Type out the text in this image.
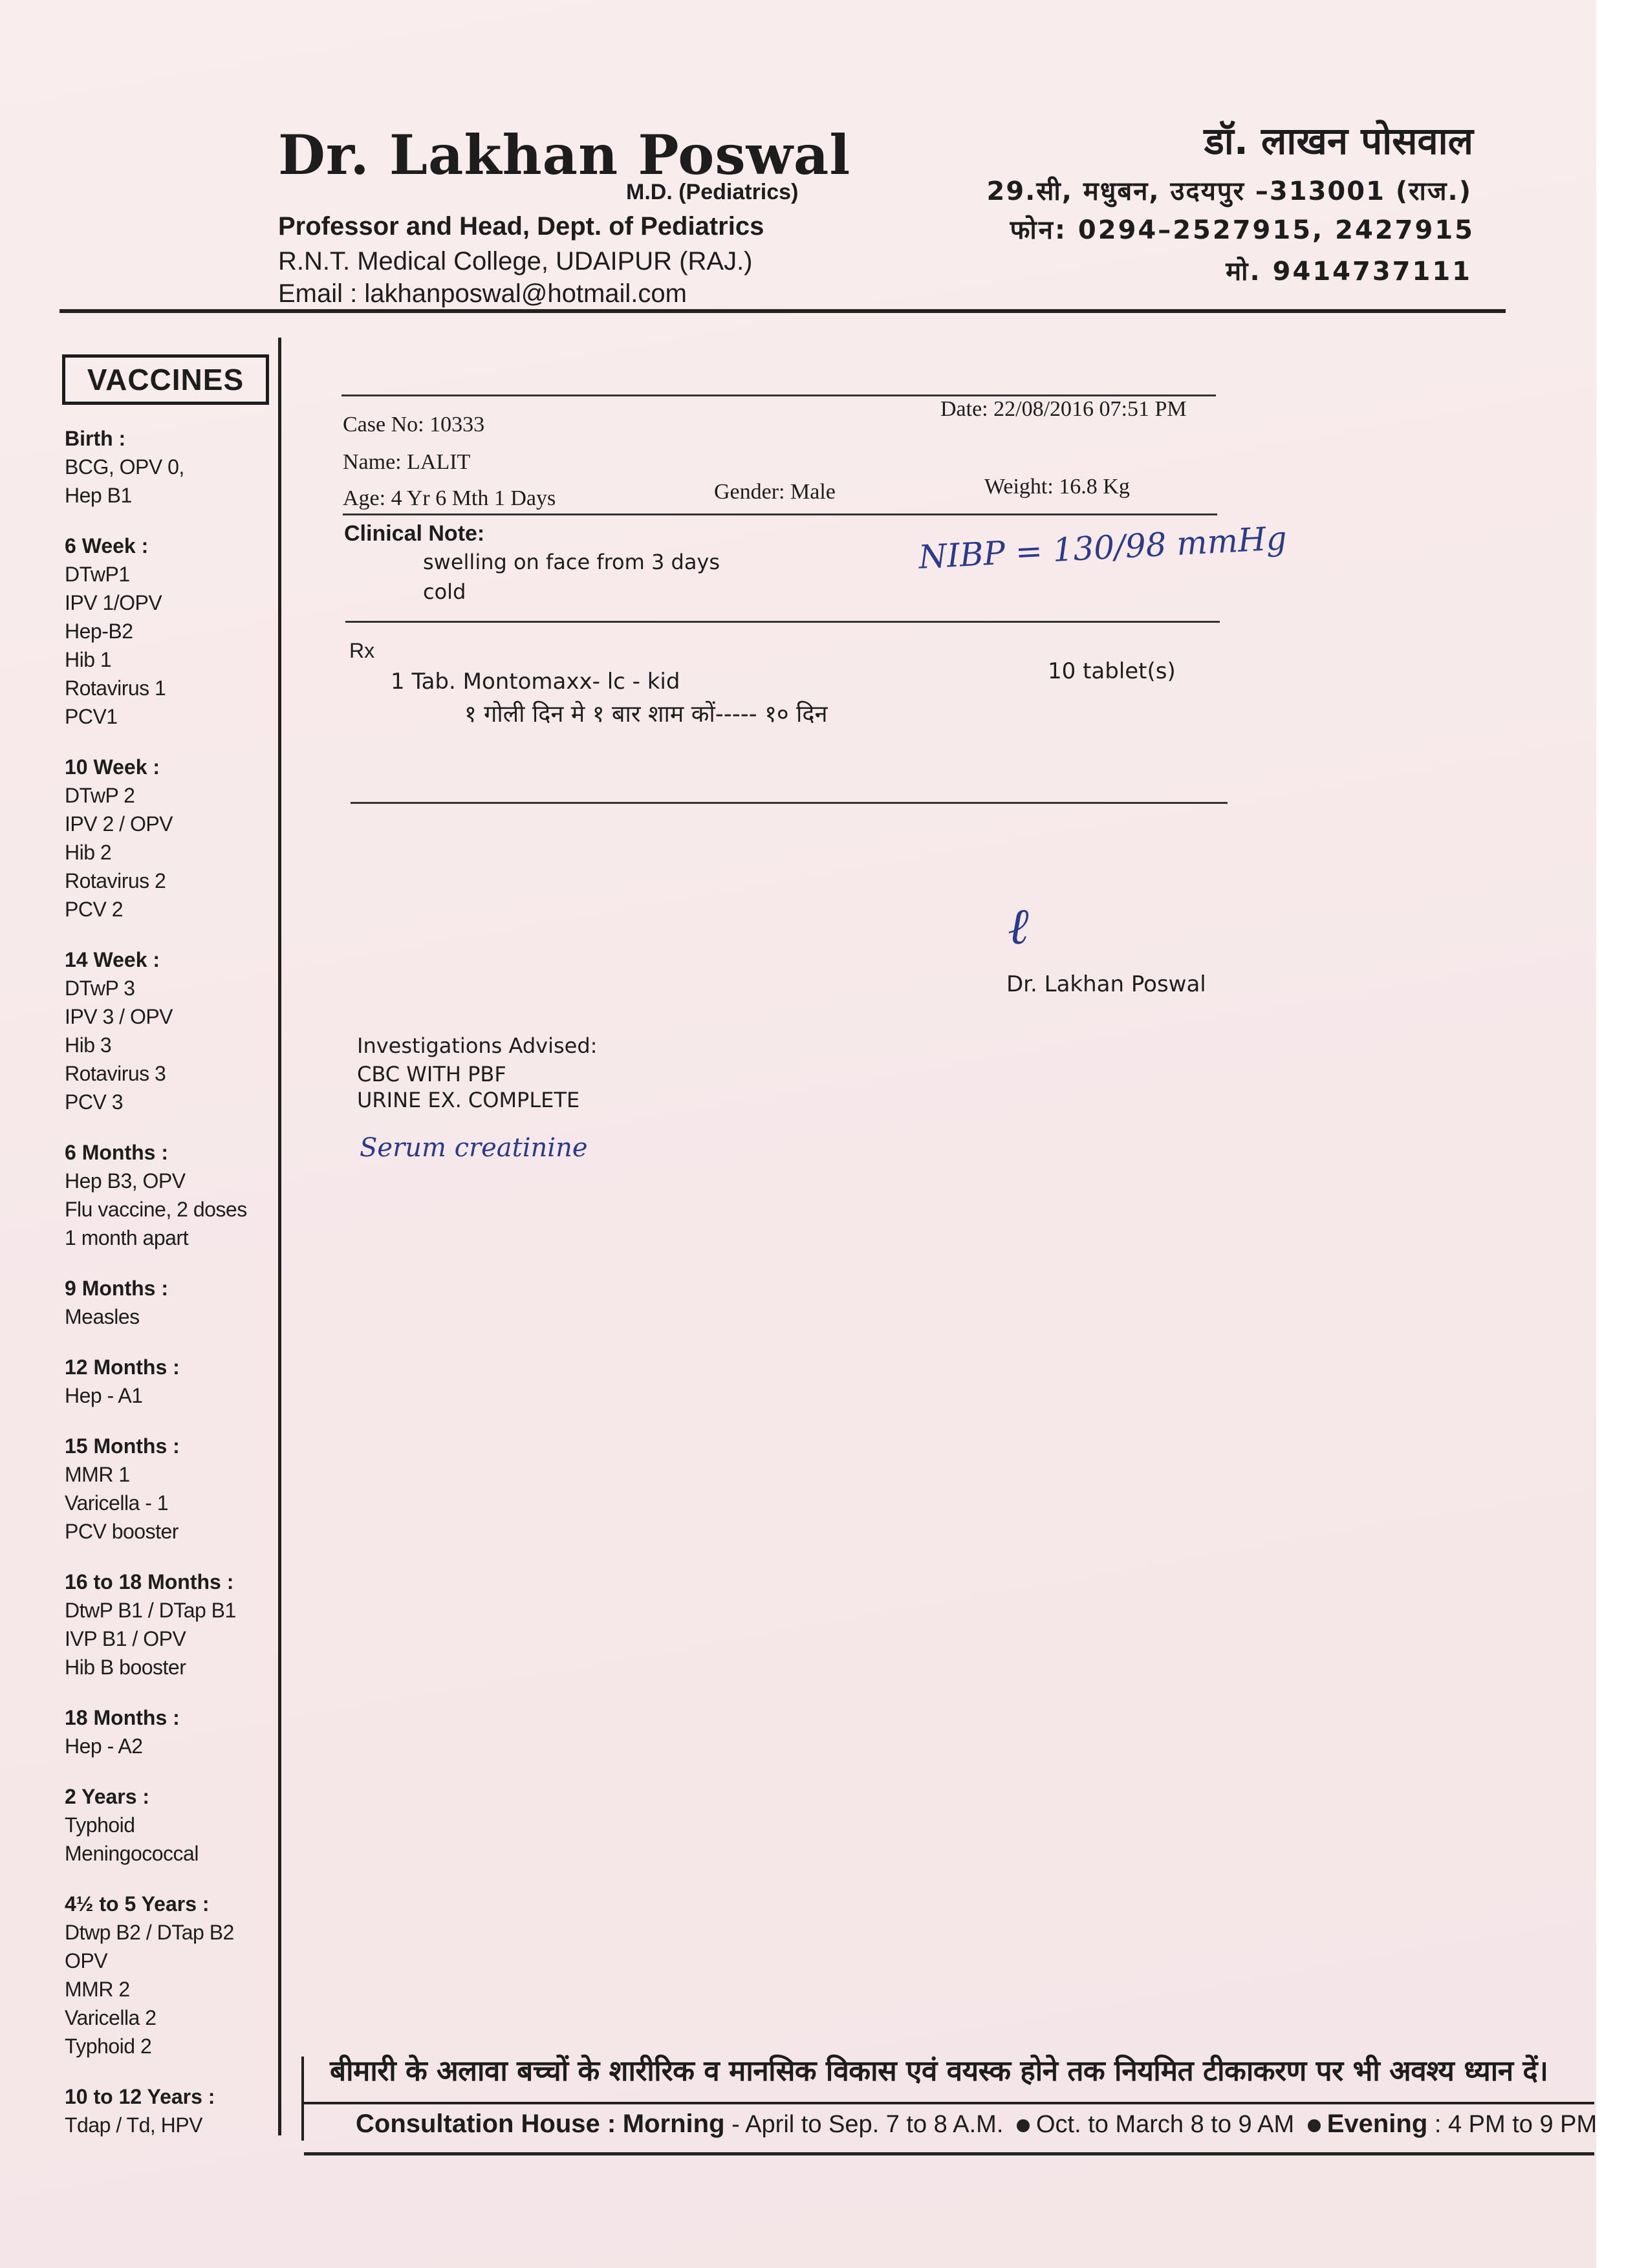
Dr. Lakhan Poswal
M.D. (Pediatrics)
Professor and Head, Dept. of Pediatrics
R.N.T. Medical College, UDAIPUR (RAJ.)
Email : lakhanposwal@hotmail.com
डॉ. लाखन पोसवाल
29.सी, मधुबन, उदयपुर –313001 (राज.)
फोन: 0294–2527915, 2427915
मो. 9414737111
VACCINES
Birth :
BCG, OPV 0,
Hep B1
6 Week :
DTwP1
IPV 1/OPV
Hep-B2
Hib 1
Rotavirus 1
PCV1
10 Week :
DTwP 2
IPV 2 / OPV
Hib 2
Rotavirus 2
PCV 2
14 Week :
DTwP 3
IPV 3 / OPV
Hib 3
Rotavirus 3
PCV 3
6 Months :
Hep B3, OPV
Flu vaccine, 2 doses
1 month apart
9 Months :
Measles
12 Months :
Hep - A1
15 Months :
MMR 1
Varicella - 1
PCV booster
16 to 18 Months :
DtwP B1 / DTap B1
IVP B1 / OPV
Hib B booster
18 Months :
Hep - A2
2 Years :
Typhoid
Meningococcal
4½ to 5 Years :
Dtwp B2 / DTap B2
OPV
MMR 2
Varicella 2
Typhoid 2
10 to 12 Years :
Tdap / Td, HPV
Case No: 10333
Date: 22/08/2016 07:51 PM
Name: LALIT
Age: 4 Yr 6 Mth 1 Days	Gender: Male	Weight: 16.8 Kg
Clinical Note:
swelling on face from 3 days
cold
NIBP = 130/98 mmHg
Rx
1 Tab. Montomaxx- lc - kid	10 tablet(s)
१ गोली दिन मे १ बार शाम कों----- १० दिन
ℓ
Dr. Lakhan Poswal
Investigations Advised:
CBC WITH PBF
URINE EX. COMPLETE
Serum creatinine
बीमारी के अलावा बच्चों के शारीरिक व मानसिक विकास एवं वयस्क होने तक नियमित टीकाकरण पर भी अवश्य ध्यान दें।
Consultation House : Morning - April to Sep. 7 to 8 A.M. Oct. to March 8 to 9 AM Evening : 4 PM to 9 PM
